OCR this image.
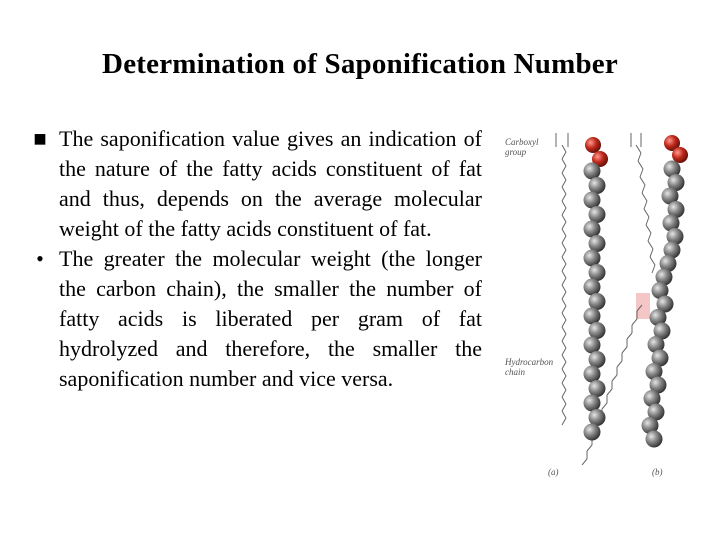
Determination of Saponification Number
■ The saponification value gives an indication of the nature of the fatty acids constituent of fat and thus, depends on the average molecular weight of the fatty acids constituent of fat.
• The greater the molecular weight (the longer the carbon chain), the smaller the number of fatty acids is liberated per gram of fat hydrolyzed and therefore, the smaller the saponification number and vice versa.
Carboxyl group
Hydrocarbon chain
(a)	(b)
